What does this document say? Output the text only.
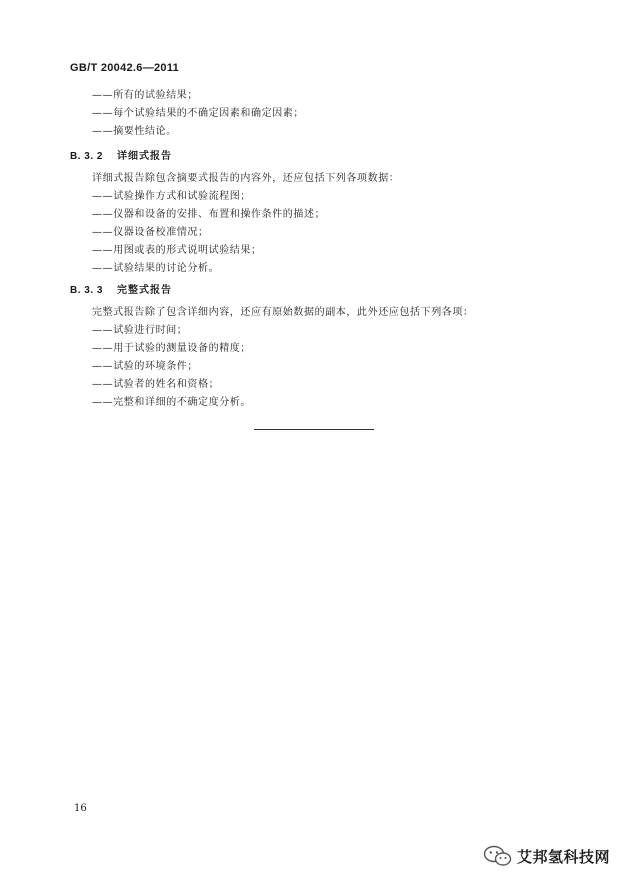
GB/T 20042.6—2011
——所有的试验结果；
——每个试验结果的不确定因素和确定因素；
——摘要性结论。
B. 3. 2 详细式报告
详细式报告除包含摘要式报告的内容外，还应包括下列各项数据：
——试验操作方式和试验流程图；
——仪器和设备的安排、布置和操作条件的描述；
——仪器设备校准情况；
——用图或表的形式说明试验结果；
——试验结果的讨论分析。
B. 3. 3 完整式报告
完整式报告除了包含详细内容，还应有原始数据的副本，此外还应包括下列各项：
——试验进行时间；
——用于试验的测量设备的精度；
——试验的环境条件；
——试验者的姓名和资格；
——完整和详细的不确定度分析。
16
艾邦氢科技网
